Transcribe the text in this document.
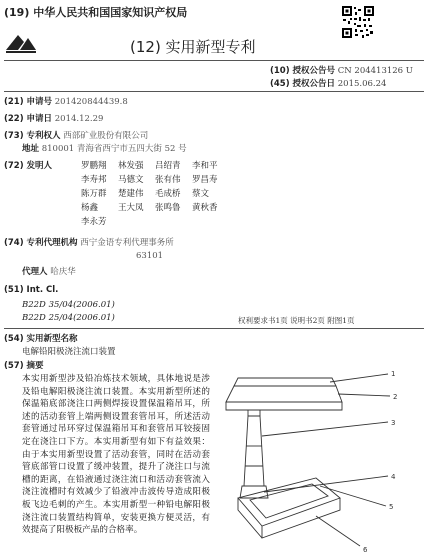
(19) 中华人民共和国国家知识产权局
(12) 实用新型专利
(10) 授权公告号 CN 204413126 U
(45) 授权公告日 2015.06.24
(21) 申请号 201420844439.8
(22) 申请日 2014.12.29
(73) 专利权人 西部矿业股份有限公司
地址 810001 青海省西宁市五四大街 52 号
(72) 发明人	罗鹏翔 林发强 吕绍青 李和平
李寿邦 马德文 张有伟 罗昌寿
陈万群 楚建伟 毛成桥 蔡文
杨鑫 王大凤 张鸣鲁 黄秋香
李永芳
(74) 专利代理机构 西宁金语专利代理事务所
63101
代理人 哈庆华
(51) Int. Cl.
B22D 35/04(2006.01)
B22D 25/04(2006.01)	权利要求书1页 说明书2页 附图1页
(54) 实用新型名称
电解铅阳极浇注流口装置
(57) 摘要
本实用新型涉及铅冶炼技术领域，具体地说是涉及铅电解阳极浇注流口装置。本实用新型所述的保温箱底部浇注口两侧焊接设置保温箱吊耳，所述的活动套管上端两侧设置套管吊耳，所述活动套管通过吊环穿过保温箱吊耳和套管吊耳铰接固定在浇注口下方。本实用新型有如下有益效果：由于本实用新型设置了活动套管，同时在活动套管底部管口设置了缓冲装置，提升了浇注口与流槽的距离，在铅液通过浇注流口和活动套管流入浇注流槽时有效减少了铅液冲击波传导造成阳极板飞边毛刺的产生。本实用新型一种铅电解阳极浇注流口装置结构简单，安装更换方便灵活，有效提高了阳极板产品的合格率。
1
2
3
4
5
6
